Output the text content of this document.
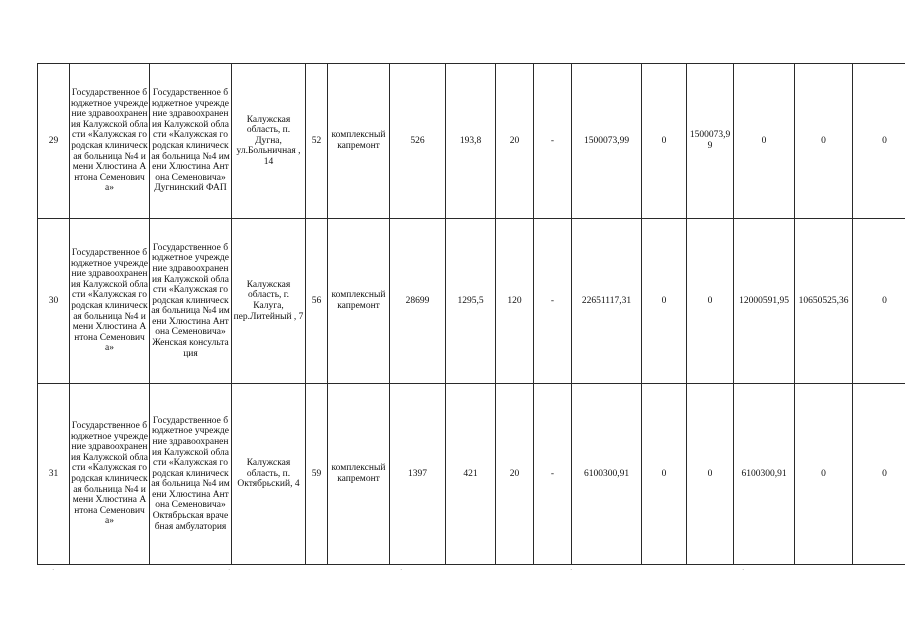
29	Государственное бюджетное учреждение здравоохранения Калужской области «Калужская городская клиническая больница №4 имени Хлюстина Антона Семеновича»	Государственное бюджетное учреждение здравоохранения Калужской области «Калужская городская клиническая больница №4 имени Хлюстина Антона Семеновича» Дугнинский ФАП	Калужская область, п. Дугна, ул.Больничная , 14	52	комплексный капремонт	526	193,8	20	-	1500073,99	0	1500073,99	0	0	0
30	Государственное бюджетное учреждение здравоохранения Калужской области «Калужская городская клиническая больница №4 имени Хлюстина Антона Семеновича»	Государственное бюджетное учреждение здравоохранения Калужской области «Калужская городская клиническая больница №4 имени Хлюстина Антона Семеновича» Женская консультация	Калужская область, г. Калуга, пер.Литейный , 7	56	комплексный капремонт	28699	1295,5	120	-	22651117,31	0	0	12000591,95	10650525,36	0
31	Государственное бюджетное учреждение здравоохранения Калужской области «Калужская городская клиническая больница №4 имени Хлюстина Антона Семеновича»	Государственное бюджетное учреждение здравоохранения Калужской области «Калужская городская клиническая больница №4 имени Хлюстина Антона Семеновича» Октябрьская врачебная амбулатория	Калужская область, п. Октябрьский, 4	59	комплексный капремонт	1397	421	20	-	6100300,91	0	0	6100300,91	0	0
·	·	·	·	·
